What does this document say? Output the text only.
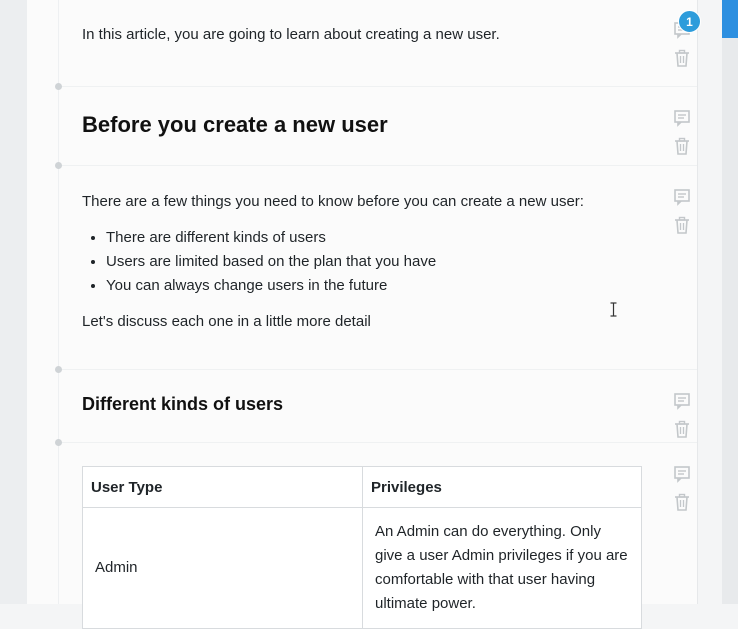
In this article, you are going to learn about creating a new user.
Before you create a new user
There are a few things you need to know before you can create a new user:
• There are different kinds of users
• Users are limited based on the plan that you have
• You can always change users in the future
Let's discuss each one in a little more detail
Different kinds of users
User Type	Privileges
Admin	An Admin can do everything. Only give a user Admin privileges if you are comfortable with that user having ultimate power.
1
